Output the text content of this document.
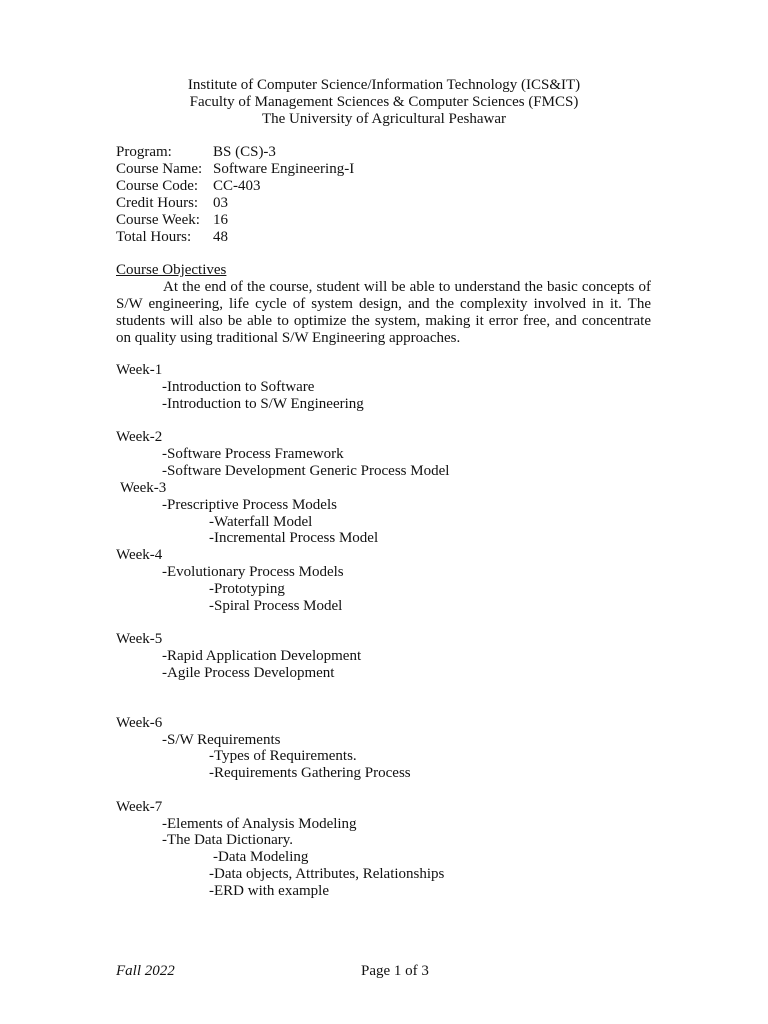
Institute of Computer Science/Information Technology (ICS&IT)
Faculty of Management Sciences & Computer Sciences (FMCS)
The University of Agricultural Peshawar
Program:	BS (CS)-3
Course Name: Software Engineering-I
Course Code: CC-403
Credit Hours: 03
Course Week: 16
Total Hours:	48
Course Objectives

At the end of the course, student will be able to understand the basic concepts of S/W engineering, life cycle of system design, and the complexity involved in it. The students will also be able to optimize the system, making it error free, and concentrate on quality using traditional S/W Engineering approaches.

Week-1
-Introduction to Software
-Introduction to S/W Engineering
Week-2
-Software Process Framework
-Software Development Generic Process Model
Week-3
-Prescriptive Process Models
-Waterfall Model
-Incremental Process Model
Week-4
-Evolutionary Process Models
-Prototyping
-Spiral Process Model
Week-5
-Rapid Application Development
-Agile Process Development
Week-6
-S/W Requirements
-Types of Requirements.
-Requirements Gathering Process
Week-7
-Elements of Analysis Modeling
-The Data Dictionary.
-Data Modeling
-Data objects, Attributes, Relationships
-ERD with example
Fall 2022	Page 1 of 3
